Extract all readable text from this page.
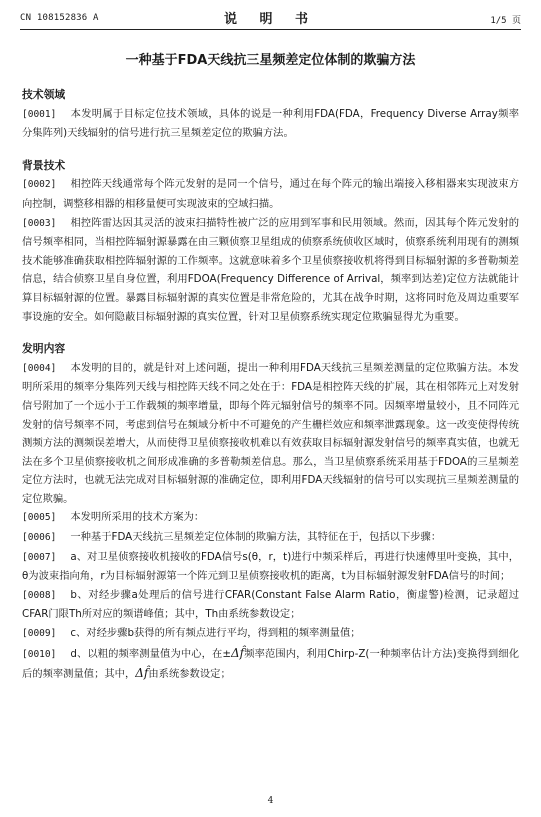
CN 108152836 A	说 明 书	1/5 页
一种基于FDA天线抗三星频差定位体制的欺骗方法

技术领域

[0001] 本发明属于目标定位技术领域，具体的说是一种利用FDA(FDA，Frequency Diverse Array频率分集阵列)天线辐射的信号进行抗三星频差定位的欺骗方法。

背景技术

[0002] 相控阵天线通常每个阵元发射的是同一个信号，通过在每个阵元的输出端接入移相器来实现波束方向控制，调整移相器的相移量便可实现波束的空域扫描。

[0003] 相控阵雷达因其灵活的波束扫描特性被广泛的应用到军事和民用领域。然而，因其每个阵元发射的信号频率相同，当相控阵辐射源暴露在由三颗侦察卫星组成的侦察系统侦收区域时，侦察系统利用现有的测频技术能够准确获取相控阵辐射源的工作频率。这就意味着多个卫星侦察接收机将得到目标辐射源的多普勒频差信息，结合侦察卫星自身位置，利用FDOA(Frequency Difference of Arrival，频率到达差)定位方法就能计算目标辐射源的位置。暴露目标辐射源的真实位置是非常危险的，尤其在战争时期，这将同时危及周边重要军事设施的安全。如何隐蔽目标辐射源的真实位置，针对卫星侦察系统实现定位欺骗显得尤为重要。

发明内容

[0004] 本发明的目的，就是针对上述问题，提出一种利用FDA天线抗三星频差测量的定位欺骗方法。本发明所采用的频率分集阵列天线与相控阵天线不同之处在于：FDA是相控阵天线的扩展，其在相邻阵元上对发射信号附加了一个远小于工作载频的频率增量，即每个阵元辐射信号的频率不同。因频率增量较小，且不同阵元发射的信号频率不同，考虑到信号在频域分析中不可避免的产生栅栏效应和频率泄露现象。这一改变使得传统测频方法的测频误差增大，从而使得卫星侦察接收机难以有效获取目标辐射源发射信号的频率真实值，也就无法在多个卫星侦察接收机之间形成准确的多普勒频差信息。那么，当卫星侦察系统采用基于FDOA的三星频差定位方法时，也就无法完成对目标辐射源的准确定位，即利用FDA天线辐射的信号可以实现抗三星频差测量的定位欺骗。

[0005] 本发明所采用的技术方案为：

[0006] 一种基于FDA天线抗三星频差定位体制的欺骗方法，其特征在于，包括以下步骤：

[0007] a、对卫星侦察接收机接收的FDA信号s(θ，r，t)进行中频采样后，再进行快速傅里叶变换，其中，θ为波束指向角，r为目标辐射源第一个阵元到卫星侦察接收机的距离，t为目标辐射源发射FDA信号的时间；

[0008] b、对经步骤a处理后的信号进行CFAR(Constant False Alarm Ratio，衡虚警)检测，记录超过CFAR门限Th所对应的频谱峰值；其中，Th由系统参数设定；

[0009] c、对经步骤b获得的所有频点进行平均，得到粗的频率测量值；

[0010] d、以粗的频率测量值为中心，在±Δf̂频率范围内，利用Chirp-Z(一种频率估计方法)变换得到细化后的频率测量值；其中，Δf̂由系统参数设定；

4
